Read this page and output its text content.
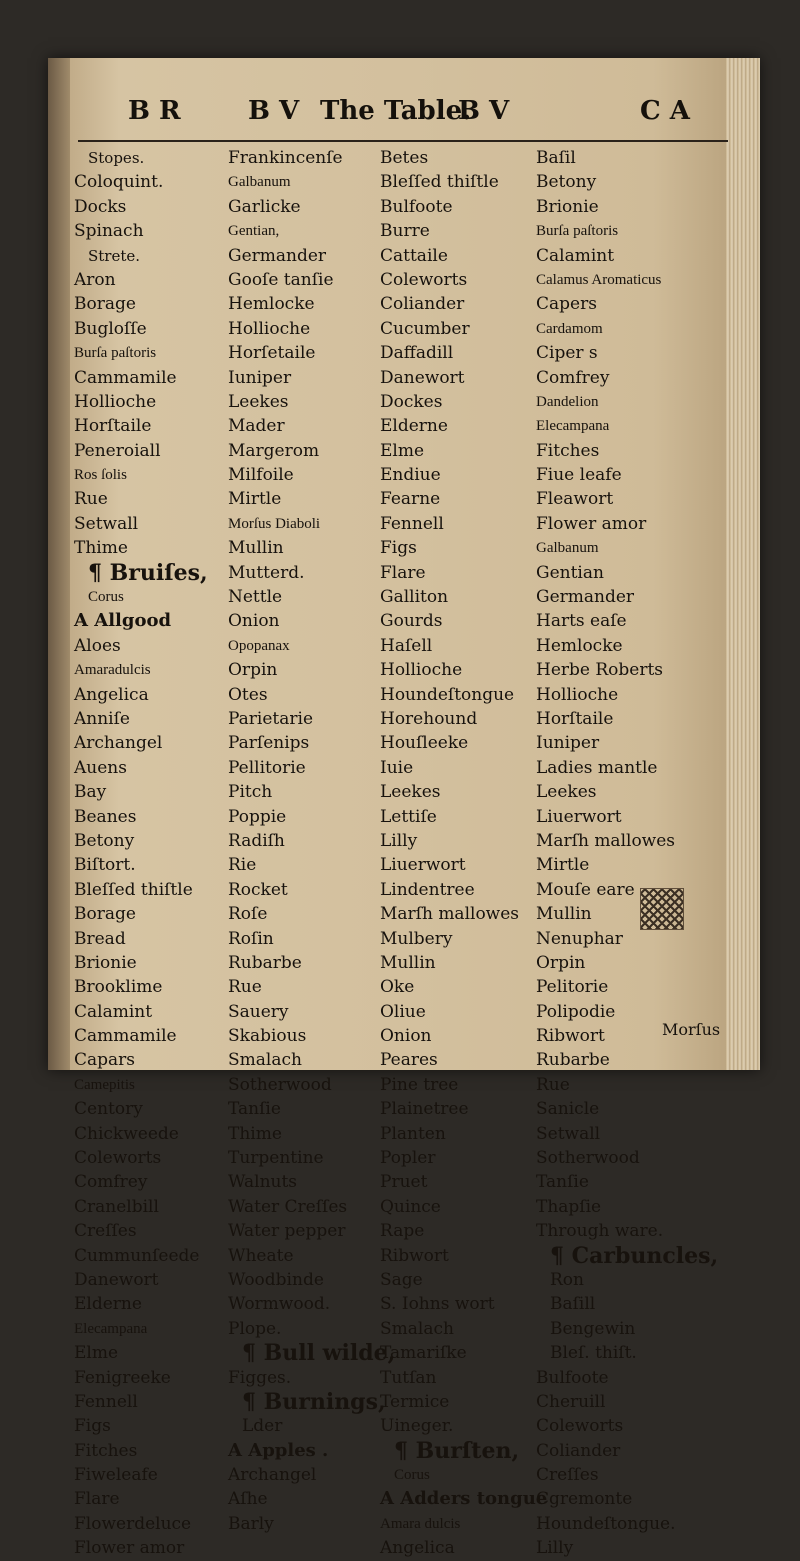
B R	B V The Table.
B V	C A
Stopes.
Coloquint.
Docks
Spinach
Strete.
Aron
Borage
Bugloſſe
Burſa paſtoris
Cammamile
Hollioche
Horſtaile
Peneroiall
Ros ſolis
Rue
Setwall
Thime
¶ Bruiſes,
Corus
A Allgood
Aloes
Amaradulcis
Angelica
Anniſe
Archangel
Auens
Bay
Beanes
Betony
Biſtort.
Bleſſed thiſtle
Borage
Bread
Brionie
Brooklime
Calamint
Cammamile
Capars
Camepitis
Centory
Chickweede
Coleworts
Comfrey
Cranelbill
Creſſes
Cummunſeede
Danewort
Elderne
Elecampana
Elme
Fenigreeke
Fennell
Figs
Fitches
Fiweleafe
Flare
Flowerdeluce
Flower amor
Frankincenſe
Galbanum
Garlicke
Gentian,
Germander
Gooſe tanſie
Hemlocke
Hollioche
Horſetaile
Iuniper
Leekes
Mader
Margerom
Milfoile
Mirtle
Morſus Diaboli
Mullin
Mutterd.
Nettle
Onion
Opopanax
Orpin
Otes
Parietarie
Parſenips
Pellitorie
Pitch
Poppie
Radiſh
Rie
Rocket
Roſe
Roſin
Rubarbe
Rue
Sauery
Skabious
Smalach
Sotherwood
Tanſie
Thime
Turpentine
Walnuts
Water Creſſes
Water pepper
Wheate
Woodbinde
Wormwood.
Plope.
¶ Bull wilde,
Figges.
¶ Burnings,
Lder
A Apples .
Archangel
Aſhe
Barly
Betes
Bleſſed thiſtle
Bulfoote
Burre
Cattaile
Coleworts
Coliander
Cucumber
Daffadill
Danewort
Dockes
Elderne
Elme
Endiue
Fearne
Fennell
Figs
Flare
Galliton
Gourds
Haſell
Hollioche
Houndeſtongue
Horehound
Houſleeke
Iuie
Leekes
Lettiſe
Lilly
Liuerwort
Lindentree
Marſh mallowes
Mulbery
Mullin
Oke
Oliue
Onion
Peares
Pine tree
Plainetree
Planten
Popler
Pruet
Quince
Rape
Ribwort
Sage
S. Iohns wort
Smalach
Tamariſke
Tutſan
Termice
Uineger.
¶ Burſten,
Corus
A Adders tongue
Amara dulcis
Angelica
Baſil
Betony
Brionie
Burſa paſtoris
Calamint
Calamus Aromaticus
Capers
Cardamom
Ciper s
Comfrey
Dandelion
Elecampana
Fitches
Fiue leafe
Fleawort
Flower amor
Galbanum
Gentian
Germander
Harts eaſe
Hemlocke
Herbe Roberts
Hollioche
Horſtaile
Iuniper
Ladies mantle
Leekes
Liuerwort
Marſh mallowes
Mirtle
Mouſe eare
Mullin
Nenuphar
Orpin
Pelitorie
Polipodie
Ribwort
Rubarbe
Rue
Sanicle
Setwall
Sotherwood
Tanſie
Thapſie
Through ware.
¶ Carbuncles,
Ron
Baſill
Bengewin
Bleſ. thiſt.
Bulfoote
Cheruill
Coleworts
Coliander
Creſſes
Cgremonte
Houndeſtongue.
Lilly
Morſus
